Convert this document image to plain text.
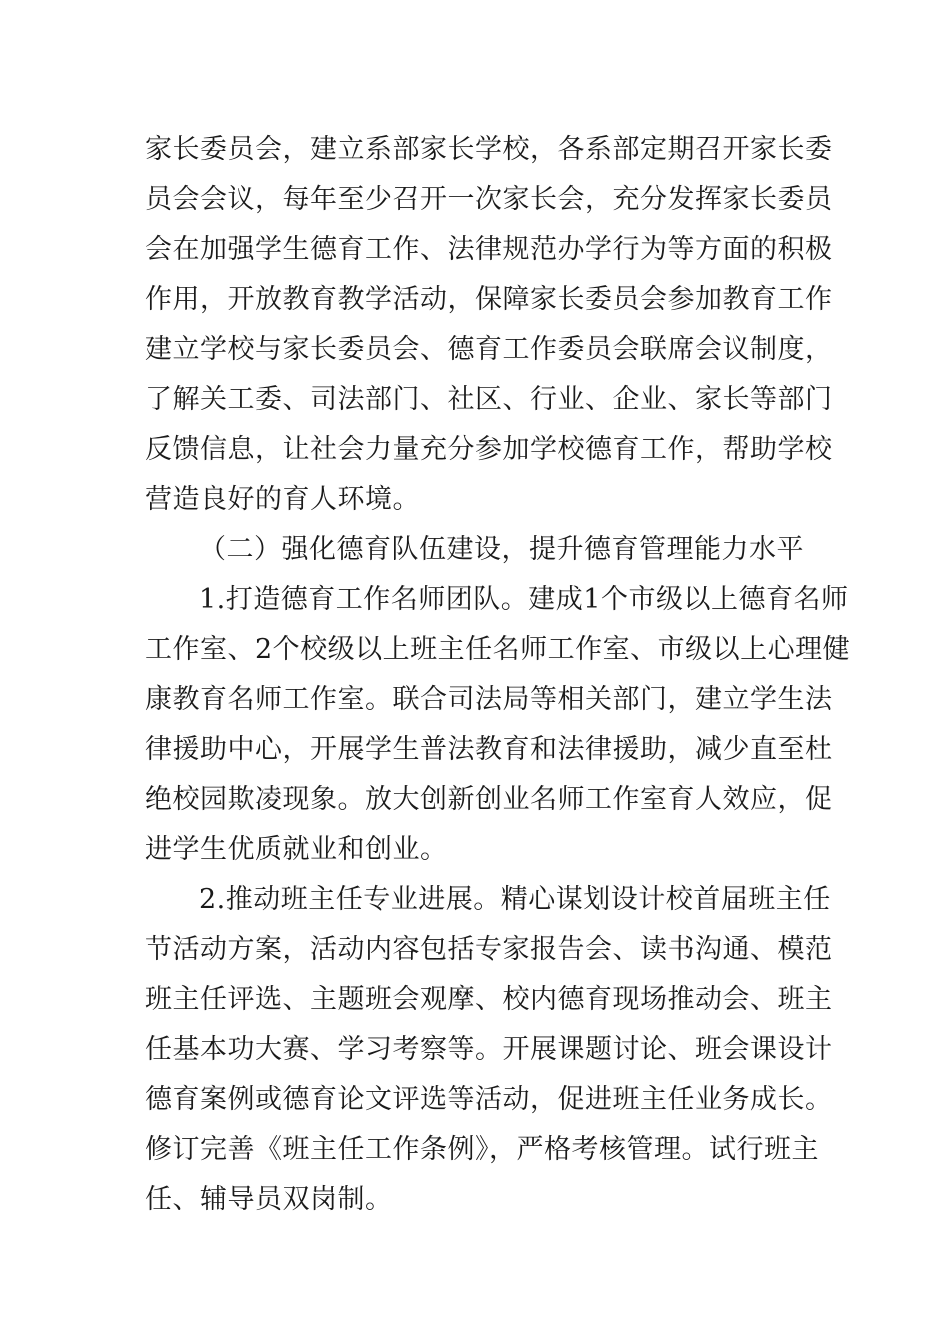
家长委员会，建立系部家长学校，各系部定期召开家长委
员会会议，每年至少召开一次家长会，充分发挥家长委员
会在加强学生德育工作、法律规范办学行为等方面的积极
作用，开放教育教学活动，保障家长委员会参加教育工作
建立学校与家长委员会、德育工作委员会联席会议制度，
了解关工委、司法部门、社区、行业、企业、家长等部门
反馈信息，让社会力量充分参加学校德育工作，帮助学校
营造良好的育人环境。
（二）强化德育队伍建设，提升德育管理能力水平
1.打造德育工作名师团队。建成1个市级以上德育名师
工作室、2个校级以上班主任名师工作室、市级以上心理健
康教育名师工作室。联合司法局等相关部门，建立学生法
律援助中心，开展学生普法教育和法律援助，减少直至杜
绝校园欺凌现象。放大创新创业名师工作室育人效应，促
进学生优质就业和创业。
2.推动班主任专业进展。精心谋划设计校首届班主任
节活动方案，活动内容包括专家报告会、读书沟通、模范
班主任评选、主题班会观摩、校内德育现场推动会、班主
任基本功大赛、学习考察等。开展课题讨论、班会课设计
德育案例或德育论文评选等活动，促进班主任业务成长。
修订完善《班主任工作条例》，严格考核管理。试行班主
任、辅导员双岗制。
